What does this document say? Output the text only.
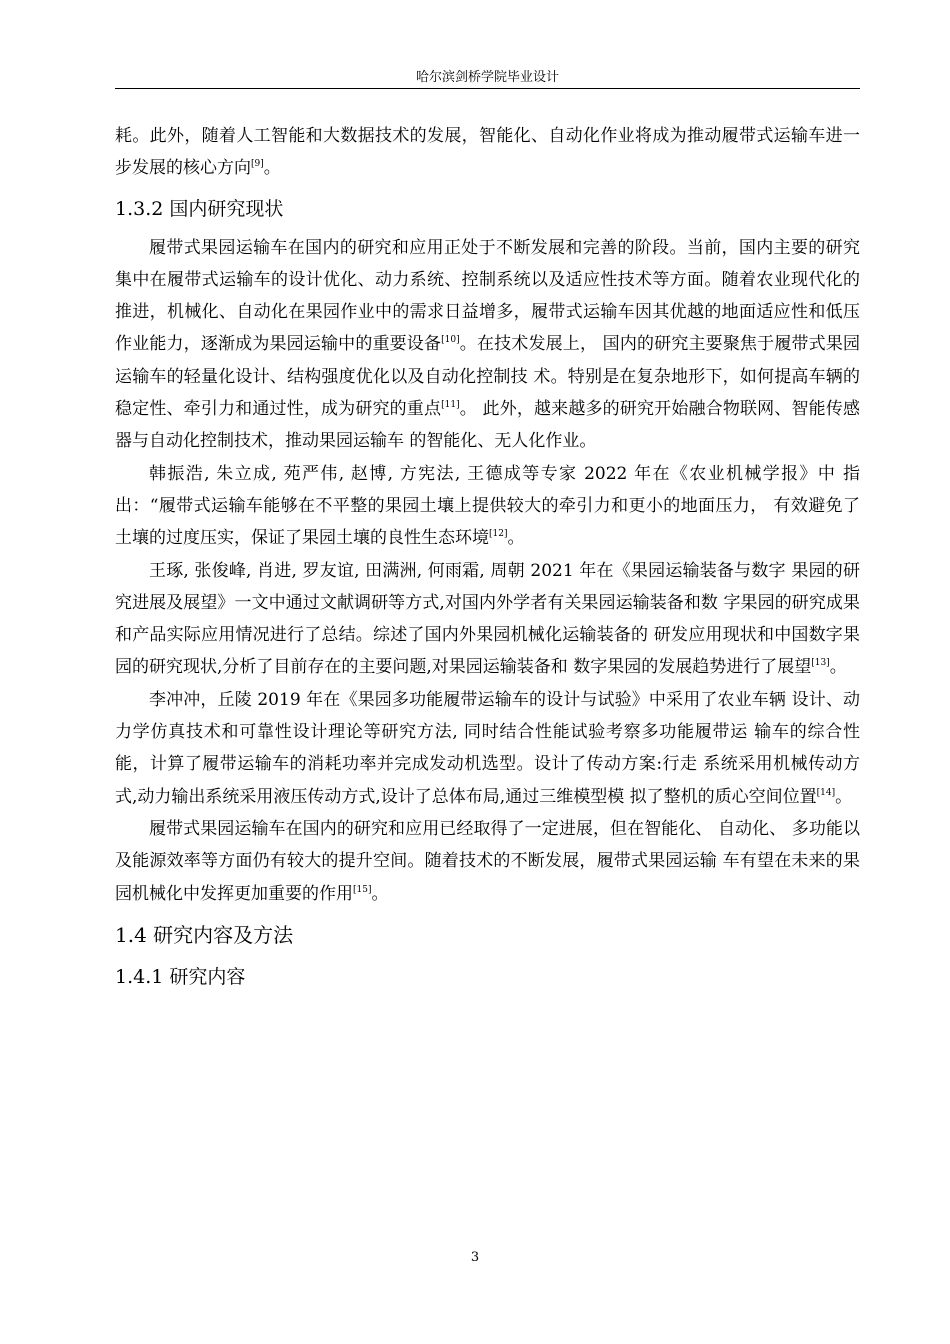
哈尔滨剑桥学院毕业设计

耗。此外，随着人工智能和大数据技术的发展，智能化、自动化作业将成为推动履带式运输车进一步发展的核心方向[9]。

1.3.2 国内研究现状

履带式果园运输车在国内的研究和应用正处于不断发展和完善的阶段。当前，国内主要的研究集中在履带式运输车的设计优化、动力系统、控制系统以及适应性技术等方面。随着农业现代化的推进，机械化、自动化在果园作业中的需求日益增多，履带式运输车因其优越的地面适应性和低压作业能力，逐渐成为果园运输中的重要设备[10]。在技术发展上， 国内的研究主要聚焦于履带式果园运输车的轻量化设计、结构强度优化以及自动化控制技 术。特别是在复杂地形下，如何提高车辆的稳定性、牵引力和通过性，成为研究的重点[11]。 此外，越来越多的研究开始融合物联网、智能传感器与自动化控制技术，推动果园运输车 的智能化、无人化作业。

韩振浩, 朱立成, 苑严伟, 赵博, 方宪法, 王德成等专家 2022 年在《农业机械学报》中 指出：“履带式运输车能够在不平整的果园土壤上提供较大的牵引力和更小的地面压力， 有效避免了土壤的过度压实，保证了果园土壤的良性生态环境[12]。

王琢, 张俊峰, 肖进, 罗友谊, 田满洲, 何雨霜, 周朝 2021 年在《果园运输装备与数字 果园的研究进展及展望》一文中通过文献调研等方式,对国内外学者有关果园运输装备和数 字果园的研究成果和产品实际应用情况进行了总结。综述了国内外果园机械化运输装备的 研发应用现状和中国数字果园的研究现状,分析了目前存在的主要问题,对果园运输装备和 数字果园的发展趋势进行了展望[13]。

李冲冲，丘陵 2019 年在《果园多功能履带运输车的设计与试验》中采用了农业车辆 设计、动力学仿真技术和可靠性设计理论等研究方法, 同时结合性能试验考察多功能履带运 输车的综合性能，计算了履带运输车的消耗功率并完成发动机选型。设计了传动方案:行走 系统采用机械传动方式,动力输出系统采用液压传动方式,设计了总体布局,通过三维模型模 拟了整机的质心空间位置[14]。

履带式果园运输车在国内的研究和应用已经取得了一定进展，但在智能化、 自动化、 多功能以及能源效率等方面仍有较大的提升空间。随着技术的不断发展，履带式果园运输 车有望在未来的果园机械化中发挥更加重要的作用[15]。

1.4 研究内容及方法
1.4.1 研究内容
3
